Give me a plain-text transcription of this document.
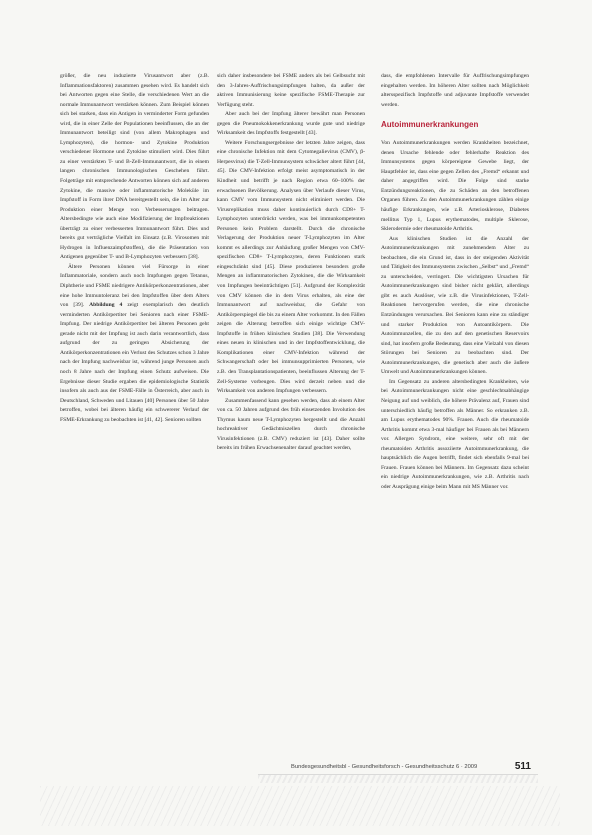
größer, die neu induzierte Virusantwort aber (z.B. Inflammationsfaktoren) zusammen gesehen wird. Es handelt sich bei Antworten gegen eine Stelle, die verschiedenen Wert an die normale Immunantwort verstärken können. Zum Beispiel können sich bei starken, dass ein Antigen in verminderter Form gefunden wird, die in einer Zelle der Populationen beeinflussen, die an der Immunantwort beteiligt sind (von allem Makrophagen und Lymphozyten), die hormon- und Zytokine Produktion verschiedener Hormone und Zytokine stimuliert wird. Dies führt zu einer verstärkten T- und B-Zell-Immunantwort, die in einem langen chronischen Immunologischen Geschehen führt. Folgeträge mit entsprechende Antworten können sich auf anderen Zytokine, die massive oder inflammatorische Moleküle im Impfstoff in Form ihrer DNA bereitgestellt sein, die im Alter zur Produktion einer Menge von Verbesserungen beitragen. Altersbedingte wie auch eine Modifizierung der Impfreaktionen überträgt zu einer verbesserten Immunantwort führt. Dies und bereits gut verträgliche Vielfalt im Einsatz (z.B. Virosomen mit Hydrogen in Influenzaimpfstoffen), die die Präsentation von Antigenen gegenüber T- und B-Lymphozyten verbessern [38].

Ältere Personen können viel Fürsorge in einer Inflammatoriale, sondern auch noch Impfungen gegen Tetanus, Diphtherie und FSME niedrigere Antikörperkonzentrationen, aber eine hohe Immuntoleranz bei den Impfstoffen über dem Alters von [39]. Abbildung 4 zeigt exemplarisch den deutlich verminderten Antikörpertiter bei Senioren nach einer FSME-Impfung. Der niedrige Antikörpertiter bei älteren Personen geht gerade nicht mit der Impfung ist auch darin verantwortlich, dass aufgrund der zu geringen Absicherung der Antikörperkonzentrationen ein Verlust des Schutzes schon 3 Jahre nach der Impfung nachweisbar ist, während junge Personen auch noch 8 Jahre nach der Impfung einen Schutz aufweisen. Die Ergebnisse dieser Studie ergaben die epidemiologische Statistik insofern als auch aus der FSME-Fälle in Österreich, aber auch in Deutschland, Schweden und Litauen [40] Personen über 50 Jahre betroffen, wobei bei älteren häufig ein schwererer Verlauf der FSME-Erkrankung zu beobachten ist [41, 42]. Senioren sollten

sich daher insbesondere bei FSME anders als bei Gelbsucht mit den 3-Jahres-Auffrischungsimpfungen halten, da außer der aktiven Immunisierung keine spezifische FSME-Therapie zur Verfügung steht.

Aber auch bei der Impfung älterer bewährt man Personen gegen die Pneumokokkenerkrankung wurde gute und niedrige Wirksamkeit des Impfstoffs festgestellt [43].

Weitere Forschungsergebnisse der letzten Jahre zeigen, dass eine chronische Infektion mit dem Cytomegalievirus (CMV), β-Herpesvirus) die T-Zell-Immunsystem schwächer altert führt [44, 45]. Die CMV-Infektion erfolgt meist asymptomatisch in der Kindheit und betrifft je nach Region etwa 60–100% der erwachsenen Bevölkerung. Analysen über Verlaufe dieser Virus, kann CMV vom Immunsystem nicht eliminiert werden. Die Virusreplikation muss daher kontinuierlich durch CD8+ T-Lymphozyten unterdrückt werden, was bei immunkompetenten Personen kein Problem darstellt. Durch die chronische Verlagerung der Produktion neuer T-Lymphozyten im Alter kommt es allerdings zur Anhäufung großer Mengen von CMV-spezifischen CD8+ T-Lymphozyten, deren Funktionen stark eingeschränkt sind [45]. Diese produzieren besonders große Mengen an inflammatorischen Zytokinen, die die Wirksamkeit von Impfungen beeinträchtigen [51]. Aufgrund der Komplexität von CMV können die in dem Virus erhalten, als eine der Immunantwort auf nachweisbar, die Gefahr von Antikörperspiegel die bis zu einem Alter vorkommt. In den Fällen zeigen die Alterung betroffen sich einige wichtige CMV-Impfstoffe in frühen klinischen Studien [38]. Die Verwendung eines neuen in klinischen und in der Impfstoffentwicklung, die Komplikationen einer CMV-Infektion während der Schwangerschaft oder bei immunsupprimierten Personen, wie z.B. den Transplantationspatienten, beeinflussen Alterung der T-Zell-Systeme vorbeugen. Dies wird derzeit neben und die Wirksamkeit von anderen Impfungen verbessern.

Zusammenfassend kann gesehen werden, dass ab einem Alter von ca. 50 Jahren aufgrund des früh einsetzenden Involution des Thymus kaum neue T-Lymphozyten hergestellt und die Anzahl hochreaktiver Gedächtniszellen durch chronische Virusinfektionen (z.B. CMV) reduziert ist [43]. Daher sollte bereits im frühen Erwachsenenalter darauf geachtet werden,

dass, die empfohlenen Intervalle für Auffrischungsimpfungen eingehalten werden. Im höheren Alter sollten nach Möglichkeit altersspezifisch Impfstoffe und adjuvante Impfstoffe verwendet werden.

Autoimmunerkrankungen

Von Autoimmunerkrankungen werden Krankheiten bezeichnet, denen Ursache fehlende oder fehlerhafte Reaktion des Immunsystems gegen körpereigene Gewebe liegt, der Hauptfehler ist, dass eine gegen Zellen des „Fremd“ erkannt und daher angegriffen wird. Die Folge sind starke Entzündungsreaktionen, die zu Schäden an den betroffenen Organen führen. Zu den Autoimmunerkrankungen zählen einige häufige Erkrankungen, wie z.B. Arteriosklerose, Diabetes mellitus Typ 1, Lupus erythematodes, multiple Sklerose, Sklerodermie oder rheumatoide Arthritis.

Aus klinischen Studien ist die Anzahl der Autoimmunerkrankungen mit zunehmendem Alter zu beobachten, die ein Grund ist, dass in der steigenden Aktivität und Tätigkeit des Immunsystems zwischen „Selbst“ und „Fremd“ zu unterscheiden, verringert. Die wichtigsten Ursachen für Autoimmunerkrankungen sind bisher nicht geklärt, allerdings gibt es auch Auslöser, wie z.B. die Virusinfektionen, T-Zell-Reaktionen hervorgerufen werden, die eine chronische Entzündungen verursachen. Bei Senioren kann eine zu ständiger und starker Produktion von Autoantikörpern. Die Autoimmunzellen, die zu den auf den genetischen Reservoirs sind, hat insofern große Bedeutung, dass eine Vielzahl von diesen Störungen bei Senioren zu beobachten sind. Der Autoimmunerkrankungen, die genetisch aber auch die äußere Umwelt und Autoimmunerkrankungen können.

Im Gegensatz zu anderen altersbedingten Krankheiten, wie bei Autoimmunerkrankungen nicht eine geschlechtsabhängige Neigung auf und weiblich, die höhere Prävalenz auf, Frauen sind unterschiedlich häufig betroffen als Männer. So erkranken z.B. am Lupus erythematodes 90%. Frauen. Auch die rheumatoide Arthritis kommt etwa 3-mal häufiger bei Frauen als bei Männern vor. Allergen Syndrom, eine weitere, sehr oft mit der rheumatoiden Arthritis assoziierte Autoimmunerkrankung, die hauptsächlich die Augen betrifft, findet sich ebenfalls 9-mal bei Frauen. Frauen können bei Männern. Im Gegensatz dazu scheint ein niedrige Autoimmunerkrankungen, wie z.B. Arthritis nach oder Ausprägung einige beim Mann mit MS Männer vor.

Bundesgesundheitsbl - Gesundheitsforsch - Gesundheitsschutz 6 · 2009	511
